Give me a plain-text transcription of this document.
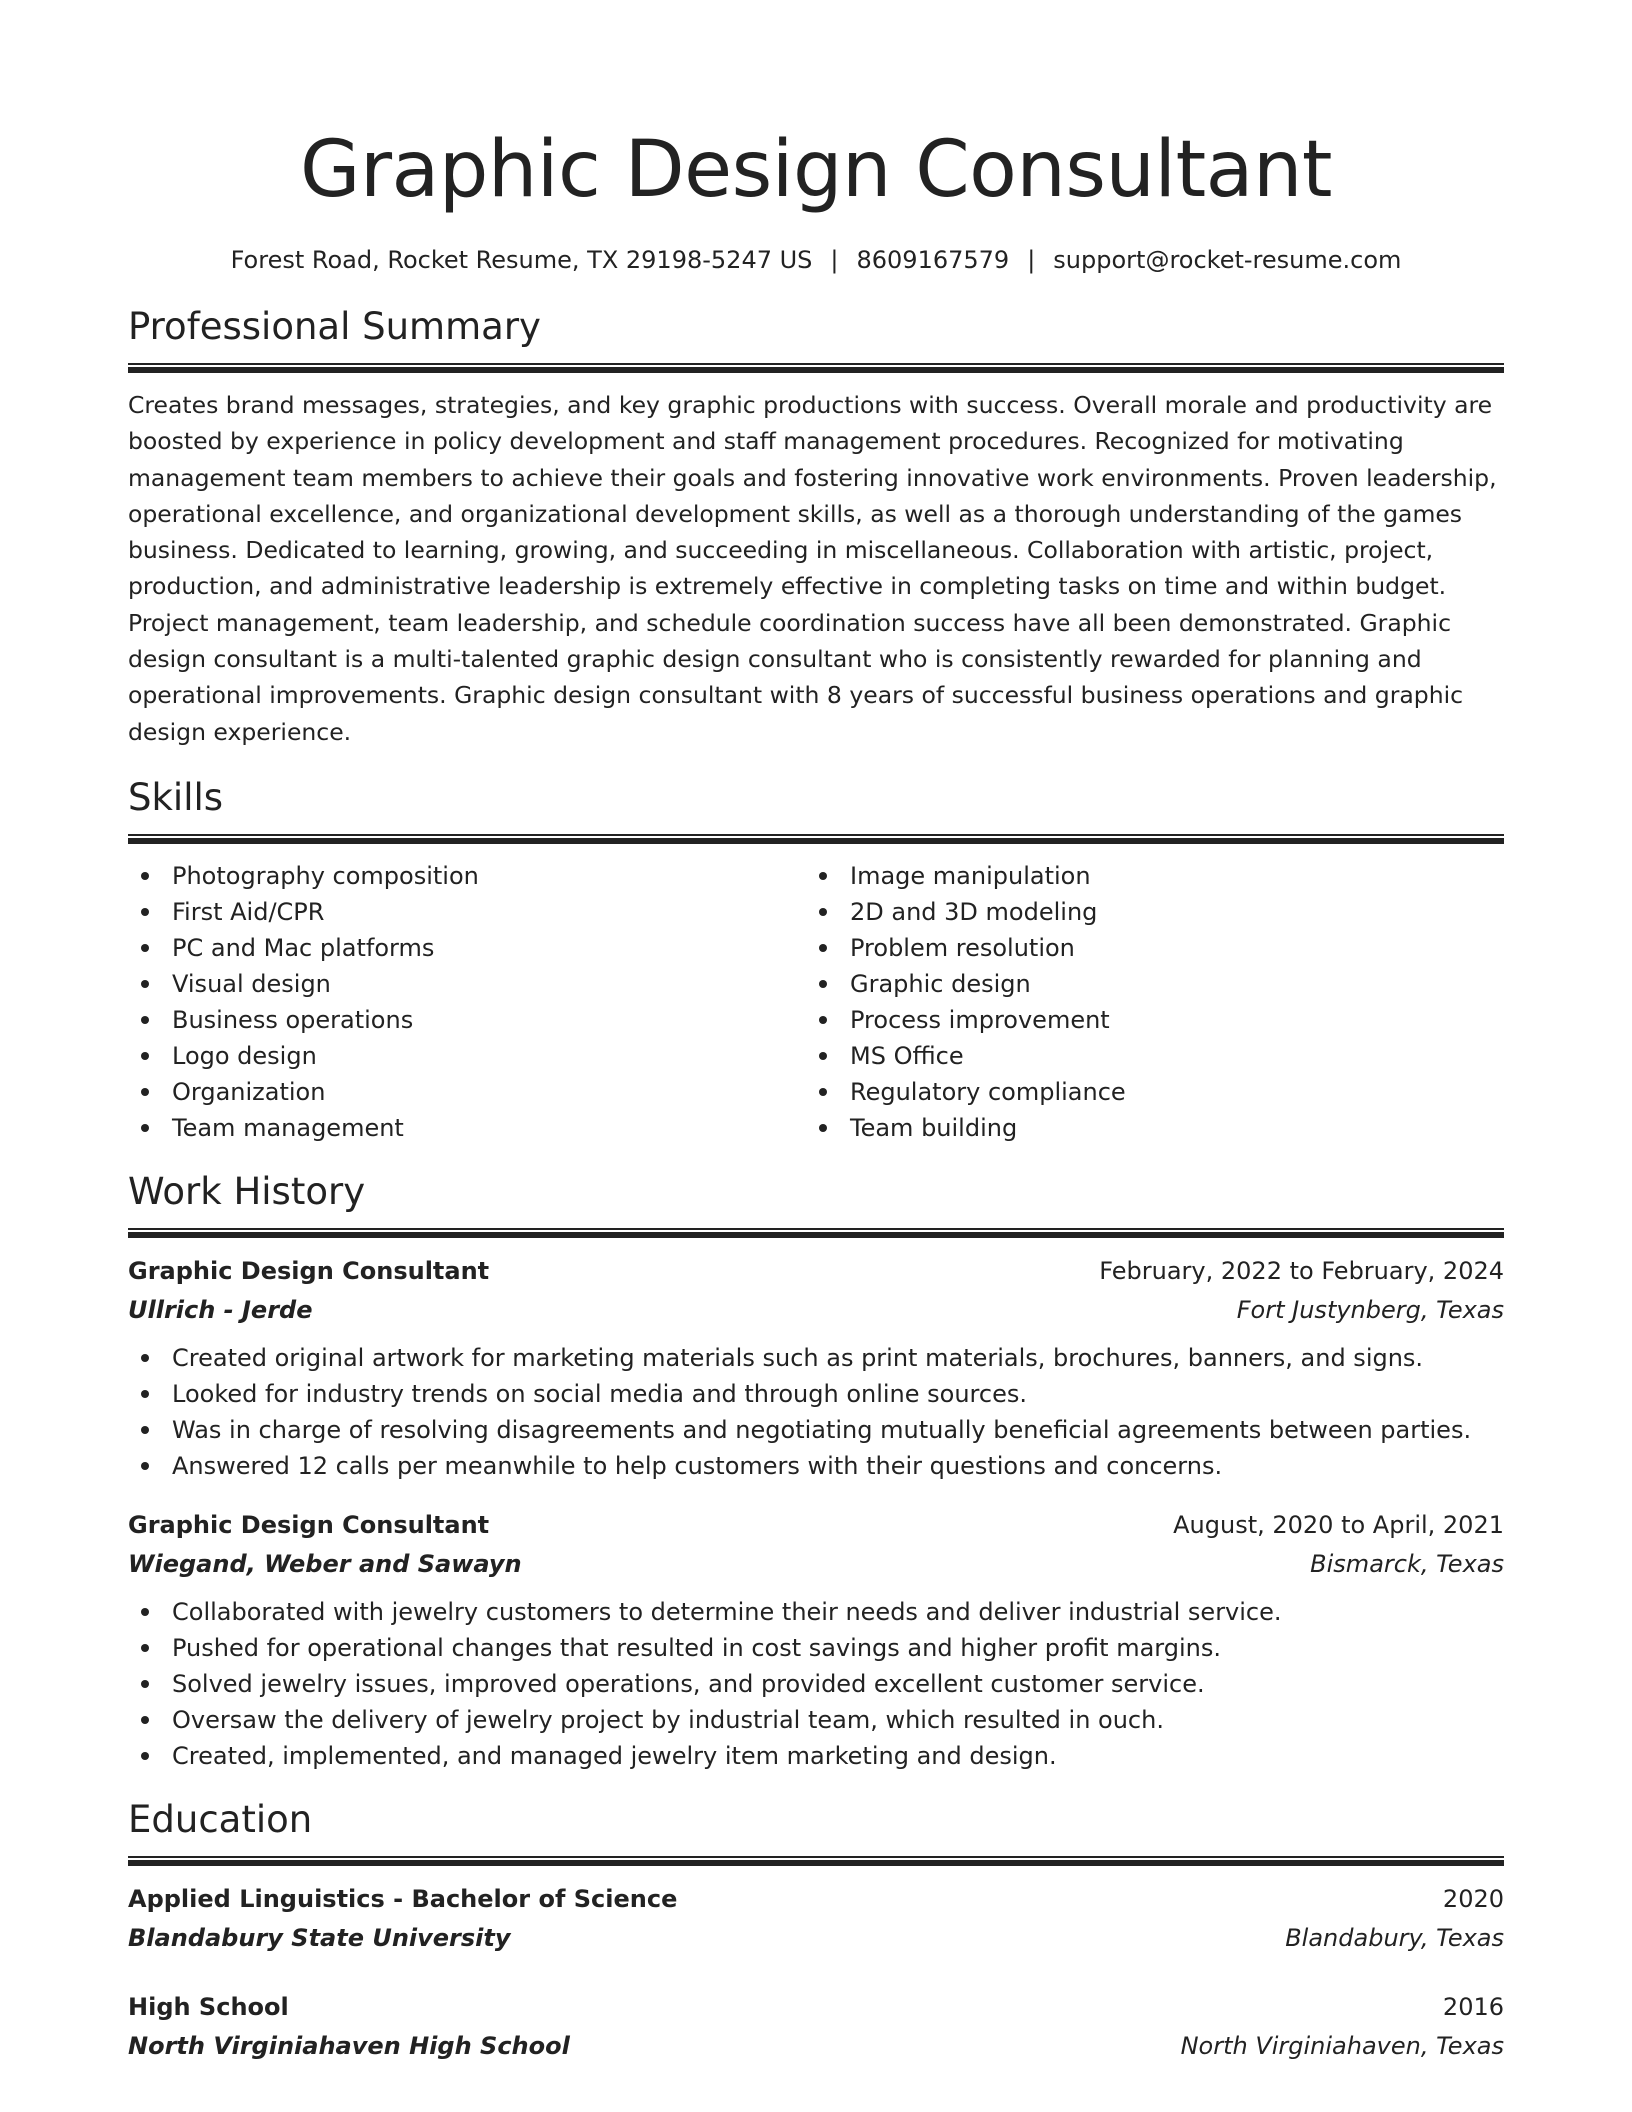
Graphic Design Consultant
Forest Road, Rocket Resume, TX 29198-5247 US | 8609167579 | support@rocket-resume.com
Professional Summary
Creates brand messages, strategies, and key graphic productions with success. Overall morale and productivity are boosted by experience in policy development and staff management procedures. Recognized for motivating management team members to achieve their goals and fostering innovative work environments. Proven leadership, operational excellence, and organizational development skills, as well as a thorough understanding of the games business. Dedicated to learning, growing, and succeeding in miscellaneous. Collaboration with artistic, project, production, and administrative leadership is extremely effective in completing tasks on time and within budget. Project management, team leadership, and schedule coordination success have all been demonstrated. Graphic design consultant is a multi-talented graphic design consultant who is consistently rewarded for planning and operational improvements. Graphic design consultant with 8 years of successful business operations and graphic design experience.
Skills
Photography composition
First Aid/CPR
PC and Mac platforms
Visual design
Business operations
Logo design
Organization
Team management
Image manipulation
2D and 3D modeling
Problem resolution
Graphic design
Process improvement
MS Office
Regulatory compliance
Team building
Work History
Graphic Design Consultant	February, 2022 to February, 2024
Ullrich - Jerde	Fort Justynberg, Texas
Created original artwork for marketing materials such as print materials, brochures, banners, and signs.
Looked for industry trends on social media and through online sources.
Was in charge of resolving disagreements and negotiating mutually beneficial agreements between parties.
Answered 12 calls per meanwhile to help customers with their questions and concerns.
Graphic Design Consultant	August, 2020 to April, 2021
Wiegand, Weber and Sawayn	Bismarck, Texas
Collaborated with jewelry customers to determine their needs and deliver industrial service.
Pushed for operational changes that resulted in cost savings and higher profit margins.
Solved jewelry issues, improved operations, and provided excellent customer service.
Oversaw the delivery of jewelry project by industrial team, which resulted in ouch.
Created, implemented, and managed jewelry item marketing and design.
Education
Applied Linguistics - Bachelor of Science	2020
Blandabury State University	Blandabury, Texas
High School	2016
North Virginiahaven High School	North Virginiahaven, Texas
